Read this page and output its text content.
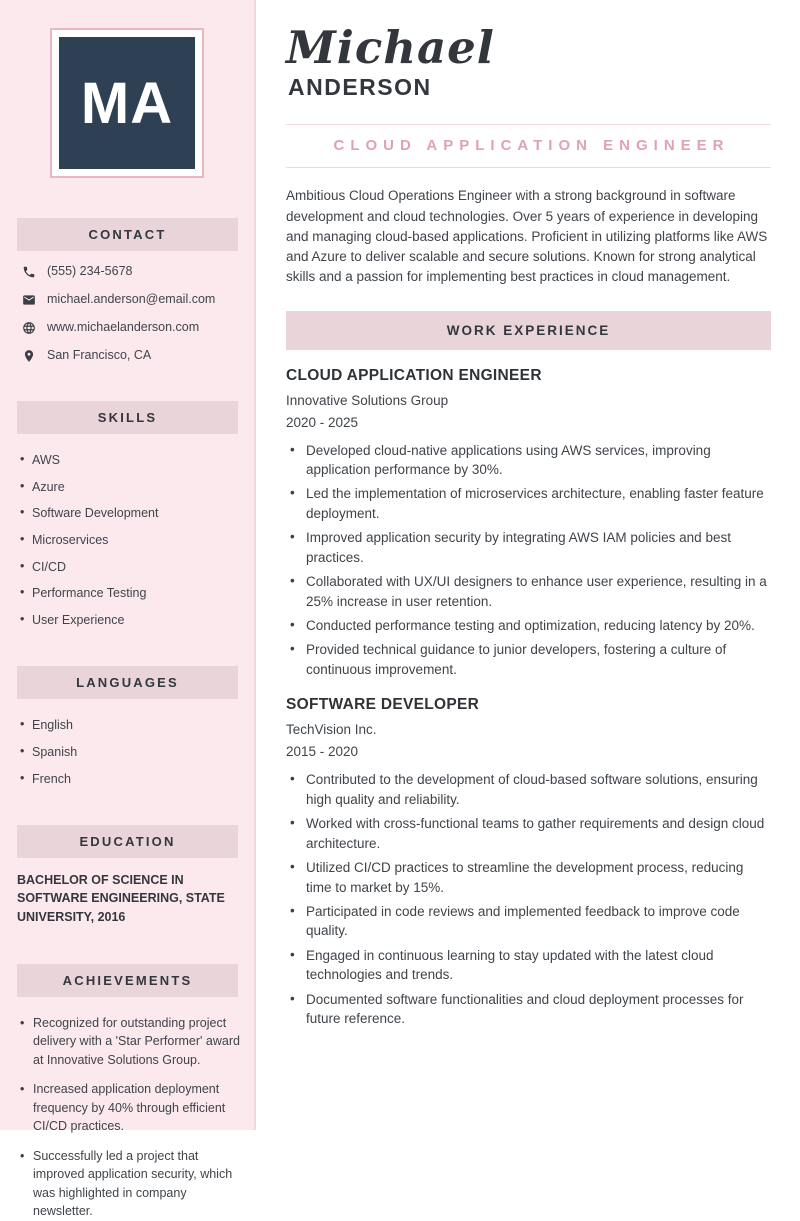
MA
CONTACT
(555) 234-5678
michael.anderson@email.com
www.michaelanderson.com
San Francisco, CA
SKILLS
• AWS
• Azure
• Software Development
• Microservices
• CI/CD
• Performance Testing
• User Experience
LANGUAGES
• English
• Spanish
• French
EDUCATION
BACHELOR OF SCIENCE IN SOFTWARE ENGINEERING, STATE UNIVERSITY, 2016
ACHIEVEMENTS
• Recognized for outstanding project delivery with a 'Star Performer' award at Innovative Solutions Group.
• Increased application deployment frequency by 40% through efficient CI/CD practices.
• Successfully led a project that improved application security, which was highlighted in company newsletter.
Michael
ANDERSON
CLOUD APPLICATION ENGINEER

Ambitious Cloud Operations Engineer with a strong background in software development and cloud technologies. Over 5 years of experience in developing and managing cloud-based applications. Proficient in utilizing platforms like AWS and Azure to deliver scalable and secure solutions. Known for strong analytical skills and a passion for implementing best practices in cloud management.

WORK EXPERIENCE
CLOUD APPLICATION ENGINEER
Innovative Solutions Group
2020 - 2025
• Developed cloud-native applications using AWS services, improving application performance by 30%.
• Led the implementation of microservices architecture, enabling faster feature deployment.
• Improved application security by integrating AWS IAM policies and best practices.
• Collaborated with UX/UI designers to enhance user experience, resulting in a 25% increase in user retention.
• Conducted performance testing and optimization, reducing latency by 20%.
• Provided technical guidance to junior developers, fostering a culture of continuous improvement.
SOFTWARE DEVELOPER
TechVision Inc.
2015 - 2020
• Contributed to the development of cloud-based software solutions, ensuring high quality and reliability.
• Worked with cross-functional teams to gather requirements and design cloud architecture.
• Utilized CI/CD practices to streamline the development process, reducing time to market by 15%.
• Participated in code reviews and implemented feedback to improve code quality.
• Engaged in continuous learning to stay updated with the latest cloud technologies and trends.
• Documented software functionalities and cloud deployment processes for future reference.
